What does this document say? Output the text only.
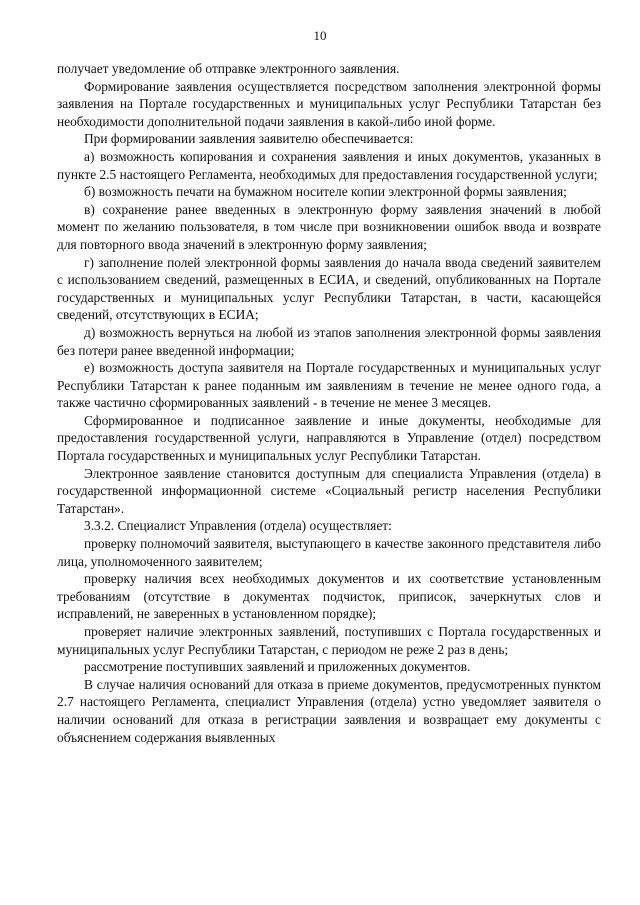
10

получает уведомление об отправке электронного заявления.

Формирование заявления осуществляется посредством заполнения электронной формы заявления на Портале государственных и муниципальных услуг Республики Татарстан без необходимости дополнительной подачи заявления в какой-либо иной форме.

При формировании заявления заявителю обеспечивается:

а) возможность копирования и сохранения заявления и иных документов, указанных в пункте 2.5 настоящего Регламента, необходимых для предоставления государственной услуги;

б) возможность печати на бумажном носителе копии электронной формы заявления;

в) сохранение ранее введенных в электронную форму заявления значений в любой момент по желанию пользователя, в том числе при возникновении ошибок ввода и возврате для повторного ввода значений в электронную форму заявления;

г) заполнение полей электронной формы заявления до начала ввода сведений заявителем с использованием сведений, размещенных в ЕСИА, и сведений, опубликованных на Портале государственных и муниципальных услуг Республики Татарстан, в части, касающейся сведений, отсутствующих в ЕСИА;

д) возможность вернуться на любой из этапов заполнения электронной формы заявления без потери ранее введенной информации;

е) возможность доступа заявителя на Портале государственных и муниципальных услуг Республики Татарстан к ранее поданным им заявлениям в течение не менее одного года, а также частично сформированных заявлений - в течение не менее 3 месяцев.

Сформированное и подписанное заявление и иные документы, необходимые для предоставления государственной услуги, направляются в Управление (отдел) посредством Портала государственных и муниципальных услуг Республики Татарстан.

Электронное заявление становится доступным для специалиста Управления (отдела) в государственной информационной системе «Социальный регистр населения Республики Татарстан».

3.3.2. Специалист Управления (отдела) осуществляет:

проверку полномочий заявителя, выступающего в качестве законного представителя либо лица, уполномоченного заявителем;

проверку наличия всех необходимых документов и их соответствие установленным требованиям (отсутствие в документах подчисток, приписок, зачеркнутых слов и исправлений, не заверенных в установленном порядке);

проверяет наличие электронных заявлений, поступивших с Портала государственных и муниципальных услуг Республики Татарстан, с периодом не реже 2 раз в день;

рассмотрение поступивших заявлений и приложенных документов.

В случае наличия оснований для отказа в приеме документов, предусмотренных пунктом 2.7 настоящего Регламента, специалист Управления (отдела) устно уведомляет заявителя о наличии оснований для отказа в регистрации заявления и возвращает ему документы с объяснением содержания выявленных
